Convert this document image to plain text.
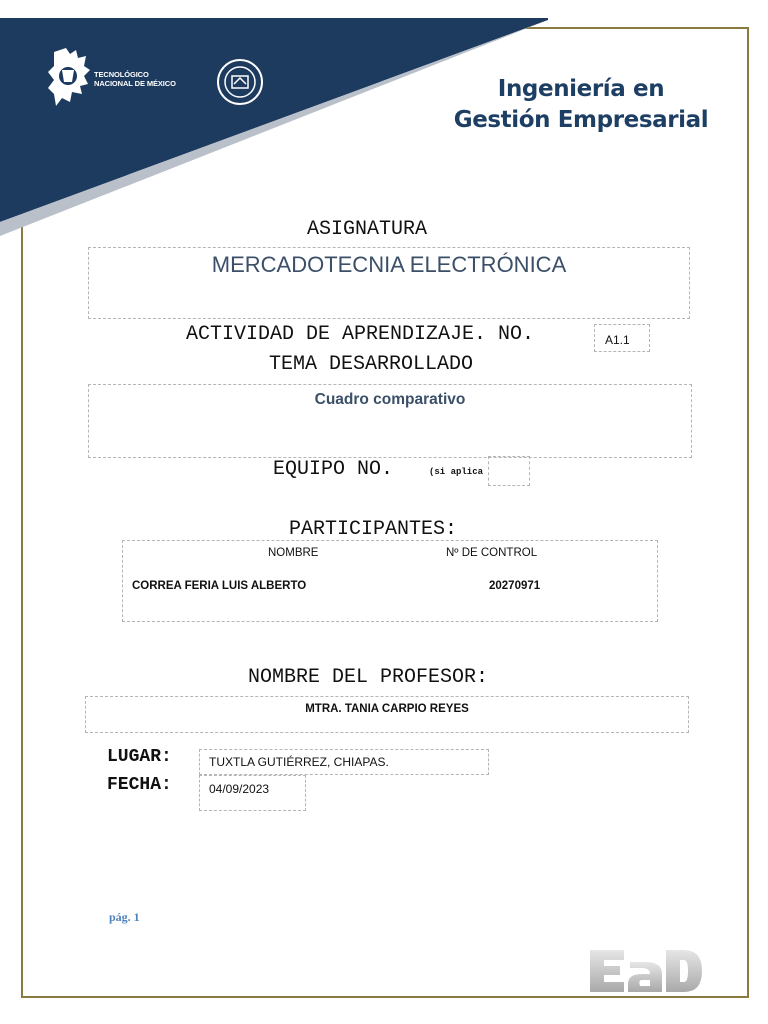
TECNOLÓGICO
NACIONAL DE MÉXICO	Ingeniería en
Gestión Empresarial
ASIGNATURA
MERCADOTECNIA ELECTRÓNICA
ACTIVIDAD DE APRENDIZAJE. NO.	A1.1
TEMA DESARROLLADO
Cuadro comparativo
EQUIPO NO.	(si aplica
PARTICIPANTES:
NOMBRE	Nº DE CONTROL
CORREA FERIA LUIS ALBERTO	20270971
NOMBRE DEL PROFESOR:
MTRA. TANIA CARPIO REYES
LUGAR:	TUXTLA GUTIÉRREZ, CHIAPAS.
FECHA:	04/09/2023
pág. 1
